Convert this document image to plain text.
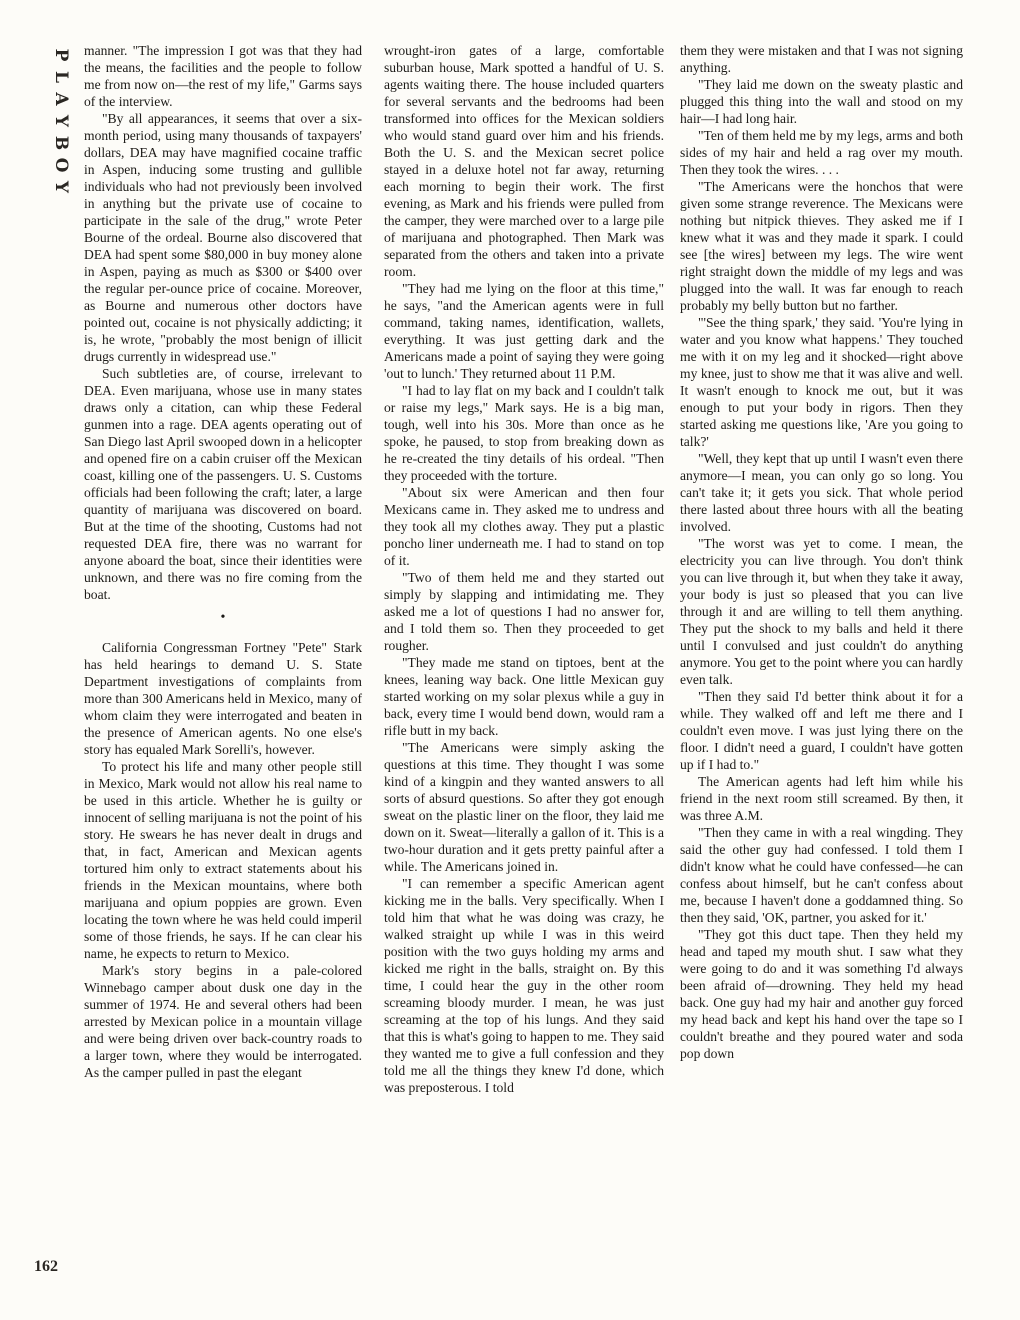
P
L
A
Y
B
O
Y
162

manner. "The impression I got was that they had the means, the facilities and the people to follow me from now on—the rest of my life," Garms says of the interview.

"By all appearances, it seems that over a six-month period, using many thousands of taxpayers' dollars, DEA may have magnified cocaine traffic in Aspen, inducing some trusting and gullible individuals who had not previously been involved in anything but the private use of cocaine to participate in the sale of the drug," wrote Peter Bourne of the ordeal. Bourne also discovered that DEA had spent some $80,000 in buy money alone in Aspen, paying as much as $300 or $400 over the regular per-ounce price of cocaine. Moreover, as Bourne and numerous other doctors have pointed out, cocaine is not physically addicting; it is, he wrote, "probably the most benign of illicit drugs currently in widespread use."

Such subtleties are, of course, irrelevant to DEA. Even marijuana, whose use in many states draws only a citation, can whip these Federal gunmen into a rage. DEA agents operating out of San Diego last April swooped down in a helicopter and opened fire on a cabin cruiser off the Mexican coast, killing one of the passengers. U. S. Customs officials had been following the craft; later, a large quantity of marijuana was discovered on board. But at the time of the shooting, Customs had not requested DEA fire, there was no warrant for anyone aboard the boat, since their identities were unknown, and there was no fire coming from the boat.

•

California Congressman Fortney "Pete" Stark has held hearings to demand U. S. State Department investigations of complaints from more than 300 Americans held in Mexico, many of whom claim they were interrogated and beaten in the presence of American agents. No one else's story has equaled Mark Sorelli's, however.

To protect his life and many other people still in Mexico, Mark would not allow his real name to be used in this article. Whether he is guilty or innocent of selling marijuana is not the point of his story. He swears he has never dealt in drugs and that, in fact, American and Mexican agents tortured him only to extract statements about his friends in the Mexican mountains, where both marijuana and opium poppies are grown. Even locating the town where he was held could imperil some of those friends, he says. If he can clear his name, he expects to return to Mexico.

Mark's story begins in a pale-colored Winnebago camper about dusk one day in the summer of 1974. He and several others had been arrested by Mexican police in a mountain village and were being driven over back-country roads to a larger town, where they would be interrogated. As the camper pulled in past the elegant

wrought-iron gates of a large, comfortable suburban house, Mark spotted a handful of U. S. agents waiting there. The house included quarters for several servants and the bedrooms had been transformed into offices for the Mexican soldiers who would stand guard over him and his friends. Both the U. S. and the Mexican secret police stayed in a deluxe hotel not far away, returning each morning to begin their work. The first evening, as Mark and his friends were pulled from the camper, they were marched over to a large pile of marijuana and photographed. Then Mark was separated from the others and taken into a private room.

"They had me lying on the floor at this time," he says, "and the American agents were in full command, taking names, identification, wallets, everything. It was just getting dark and the Americans made a point of saying they were going 'out to lunch.' They returned about 11 P.M.

"I had to lay flat on my back and I couldn't talk or raise my legs," Mark says. He is a big man, tough, well into his 30s. More than once as he spoke, he paused, to stop from breaking down as he re-created the tiny details of his ordeal. "Then they proceeded with the torture.

"About six were American and then four Mexicans came in. They asked me to undress and they took all my clothes away. They put a plastic poncho liner underneath me. I had to stand on top of it.

"Two of them held me and they started out simply by slapping and intimidating me. They asked me a lot of questions I had no answer for, and I told them so. Then they proceeded to get rougher.

"They made me stand on tiptoes, bent at the knees, leaning way back. One little Mexican guy started working on my solar plexus while a guy in back, every time I would bend down, would ram a rifle butt in my back.

"The Americans were simply asking the questions at this time. They thought I was some kind of a kingpin and they wanted answers to all sorts of absurd questions. So after they got enough sweat on the plastic liner on the floor, they laid me down on it. Sweat—literally a gallon of it. This is a two-hour duration and it gets pretty painful after a while. The Americans joined in.

"I can remember a specific American agent kicking me in the balls. Very specifically. When I told him that what he was doing was crazy, he walked straight up while I was in this weird position with the two guys holding my arms and kicked me right in the balls, straight on. By this time, I could hear the guy in the other room screaming bloody murder. I mean, he was just screaming at the top of his lungs. And they said that this is what's going to happen to me. They said they wanted me to give a full confession and they told me all the things they knew I'd done, which was preposterous. I told

them they were mistaken and that I was not signing anything.

"They laid me down on the sweaty plastic and plugged this thing into the wall and stood on my hair—I had long hair.

"Ten of them held me by my legs, arms and both sides of my hair and held a rag over my mouth. Then they took the wires. . . .

"The Americans were the honchos that were given some strange reverence. The Mexicans were nothing but nitpick thieves. They asked me if I knew what it was and they made it spark. I could see [the wires] between my legs. The wire went right straight down the middle of my legs and was plugged into the wall. It was far enough to reach probably my belly button but no farther.

"'See the thing spark,' they said. 'You're lying in water and you know what happens.' They touched me with it on my leg and it shocked—right above my knee, just to show me that it was alive and well. It wasn't enough to knock me out, but it was enough to put your body in rigors. Then they started asking me questions like, 'Are you going to talk?'

"Well, they kept that up until I wasn't even there anymore—I mean, you can only go so long. You can't take it; it gets you sick. That whole period there lasted about three hours with all the beating involved.

"The worst was yet to come. I mean, the electricity you can live through. You don't think you can live through it, but when they take it away, your body is just so pleased that you can live through it and are willing to tell them anything. They put the shock to my balls and held it there until I convulsed and just couldn't do anything anymore. You get to the point where you can hardly even talk.

"Then they said I'd better think about it for a while. They walked off and left me there and I couldn't even move. I was just lying there on the floor. I didn't need a guard, I couldn't have gotten up if I had to."

The American agents had left him while his friend in the next room still screamed. By then, it was three A.M.

"Then they came in with a real wingding. They said the other guy had confessed. I told them I didn't know what he could have confessed—he can confess about himself, but he can't confess about me, because I haven't done a goddamned thing. So then they said, 'OK, partner, you asked for it.'

"They got this duct tape. Then they held my head and taped my mouth shut. I saw what they were going to do and it was something I'd always been afraid of—drowning. They held my head back. One guy had my hair and another guy forced my head back and kept his hand over the tape so I couldn't breathe and they poured water and soda pop down
